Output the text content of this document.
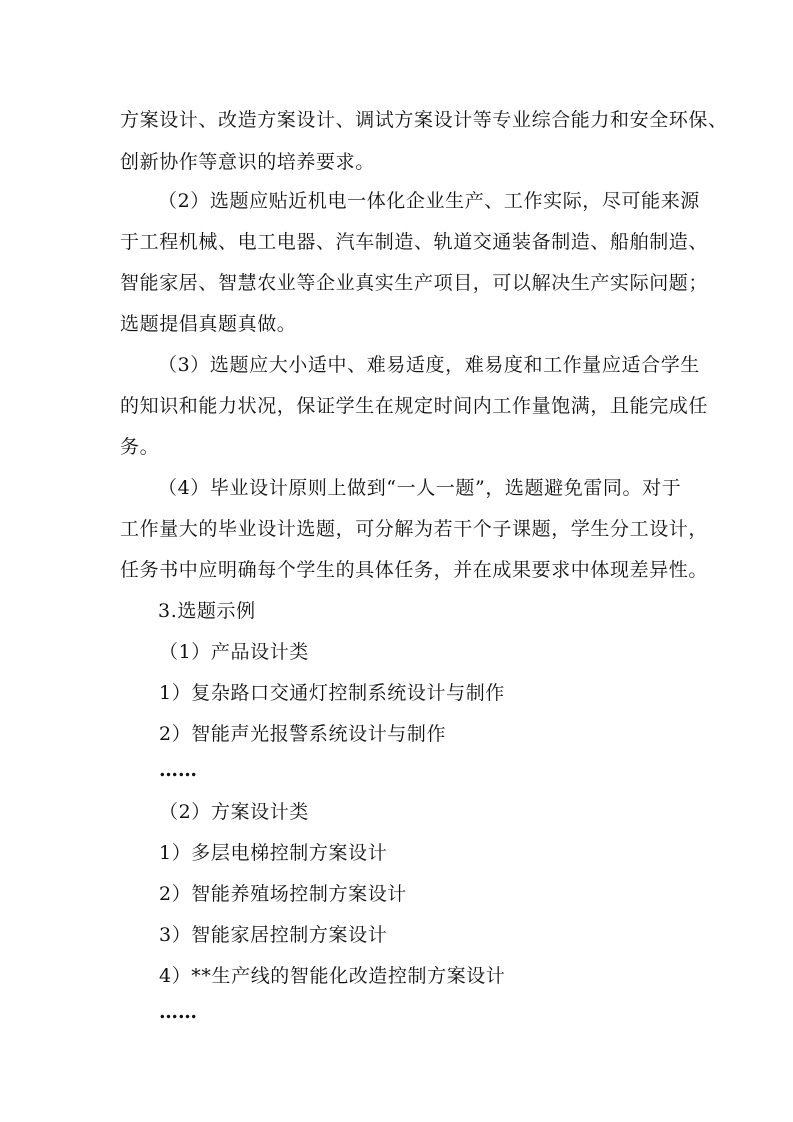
方案设计、改造方案设计、调试方案设计等专业综合能力和安全环保、
创新协作等意识的培养要求。
（2）选题应贴近机电一体化企业生产、工作实际，尽可能来源
于工程机械、电工电器、汽车制造、轨道交通装备制造、船舶制造、
智能家居、智慧农业等企业真实生产项目，可以解决生产实际问题；
选题提倡真题真做。
（3）选题应大小适中、难易适度，难易度和工作量应适合学生
的知识和能力状况，保证学生在规定时间内工作量饱满，且能完成任
务。
（4）毕业设计原则上做到“一人一题”，选题避免雷同。对于
工作量大的毕业设计选题，可分解为若干个子课题，学生分工设计，
任务书中应明确每个学生的具体任务，并在成果要求中体现差异性。
3.选题示例
（1）产品设计类
1）复杂路口交通灯控制系统设计与制作
2）智能声光报警系统设计与制作
……
（2）方案设计类
1）多层电梯控制方案设计
2）智能养殖场控制方案设计
3）智能家居控制方案设计
4）**生产线的智能化改造控制方案设计
……
